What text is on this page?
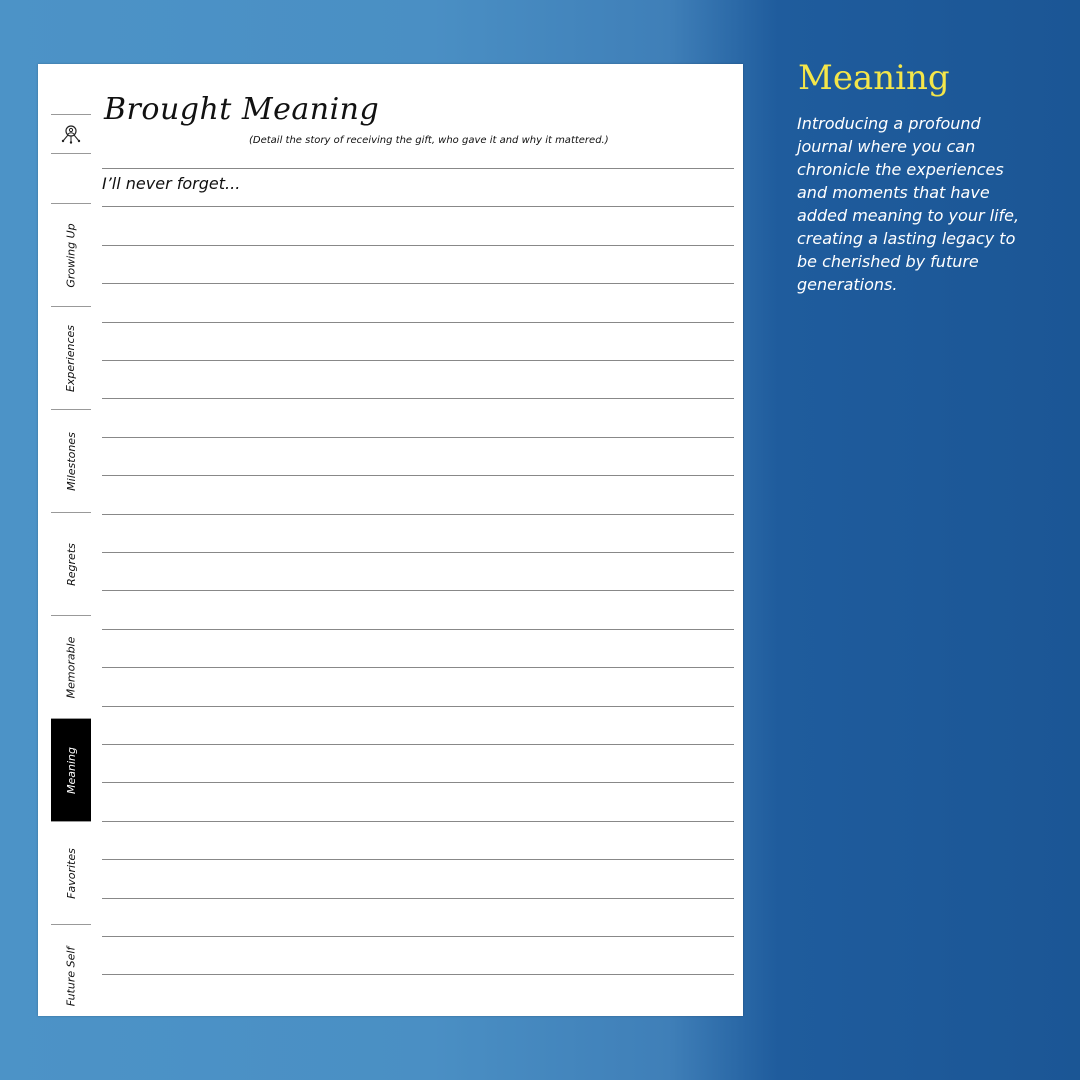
Growing Up
Experiences
Milestones
Regrets
Memorable
Meaning
Favorites
Future Self
Brought Meaning
(Detail the story of receiving the gift, who gave it and why it mattered.)
I’ll never forget...
Meaning
Introducing a profound journal where you can chronicle the experiences and moments that have added meaning to your life, creating a lasting legacy to be cherished by future generations.
